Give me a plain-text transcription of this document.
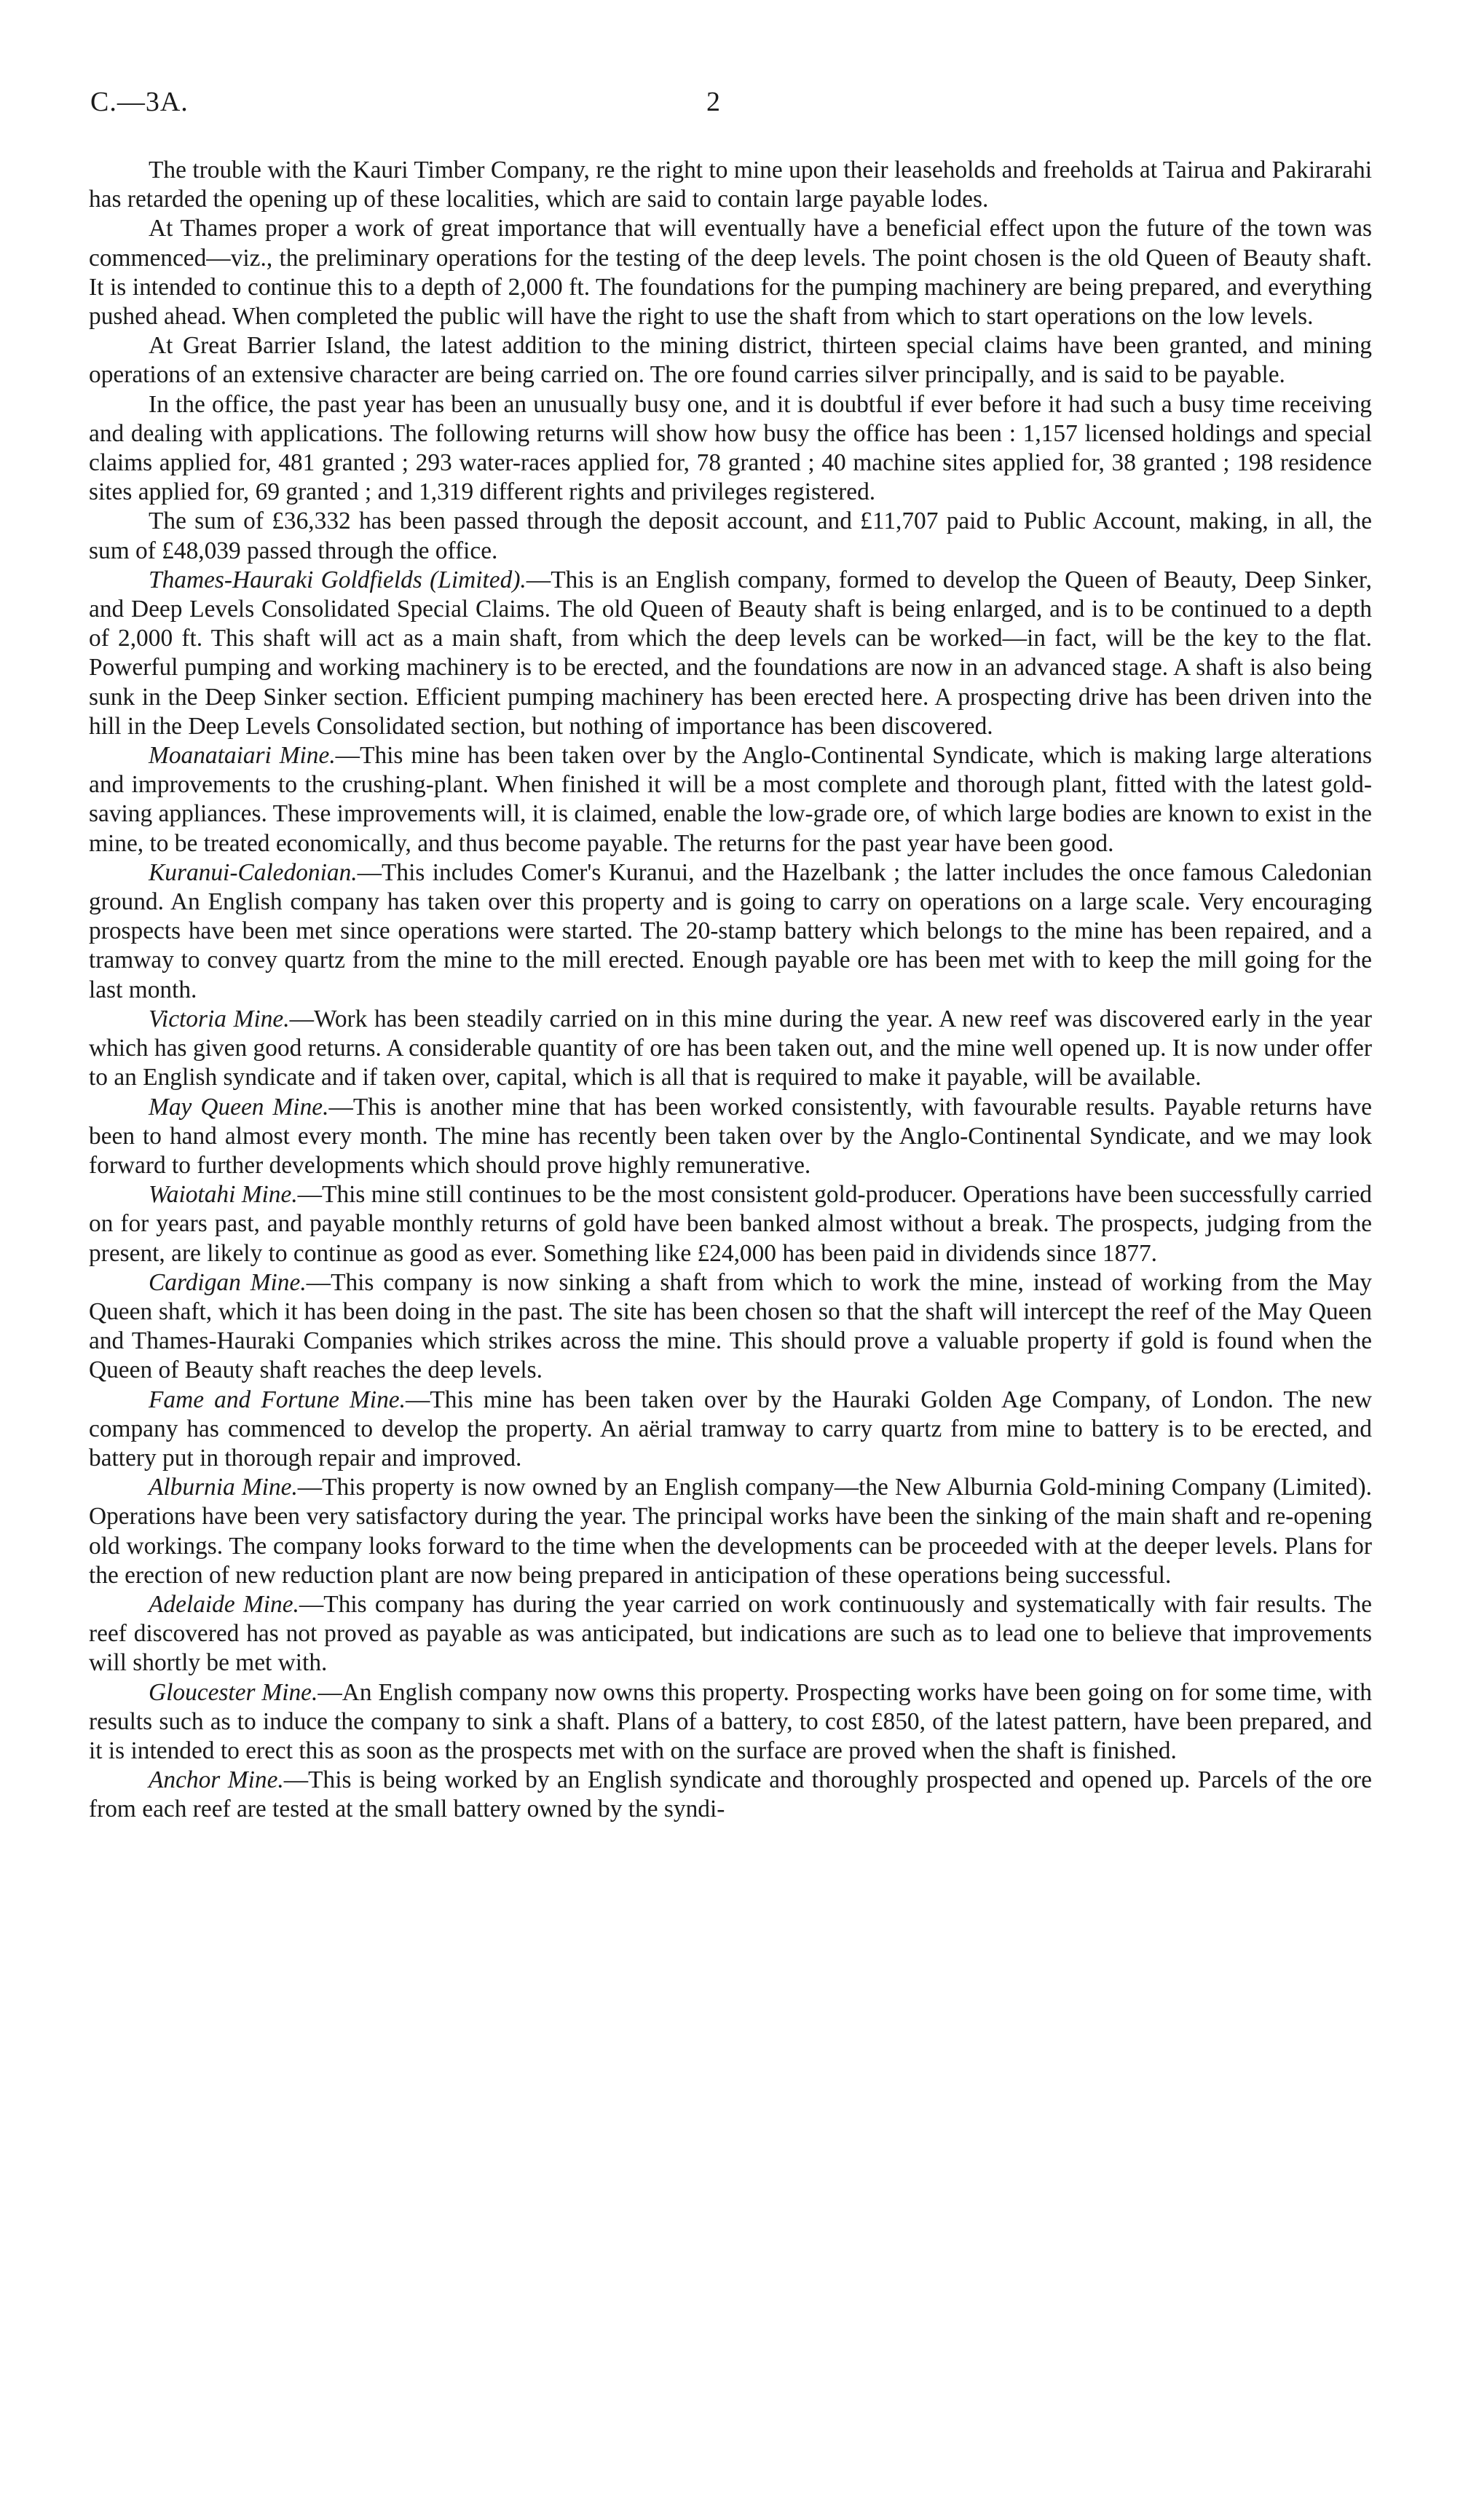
C.—3A.	2

The trouble with the Kauri Timber Company, re the right to mine upon their leaseholds and freeholds at Tairua and Pakirarahi has retarded the opening up of these localities, which are said to contain large payable lodes.

At Thames proper a work of great importance that will eventually have a beneficial effect upon the future of the town was commenced—viz., the preliminary operations for the testing of the deep levels. The point chosen is the old Queen of Beauty shaft. It is intended to continue this to a depth of 2,000 ft. The foundations for the pumping machinery are being prepared, and everything pushed ahead. When completed the public will have the right to use the shaft from which to start operations on the low levels.

At Great Barrier Island, the latest addition to the mining district, thirteen special claims have been granted, and mining operations of an extensive character are being carried on. The ore found carries silver principally, and is said to be payable.

In the office, the past year has been an unusually busy one, and it is doubtful if ever before it had such a busy time receiving and dealing with applications. The following returns will show how busy the office has been : 1,157 licensed holdings and special claims applied for, 481 granted ; 293 water-races applied for, 78 granted ; 40 machine sites applied for, 38 granted ; 198 residence sites applied for, 69 granted ; and 1,319 different rights and privileges registered.

The sum of £36,332 has been passed through the deposit account, and £11,707 paid to Public Account, making, in all, the sum of £48,039 passed through the office.

Thames-Hauraki Goldfields (Limited).—This is an English company, formed to develop the Queen of Beauty, Deep Sinker, and Deep Levels Consolidated Special Claims. The old Queen of Beauty shaft is being enlarged, and is to be continued to a depth of 2,000 ft. This shaft will act as a main shaft, from which the deep levels can be worked—in fact, will be the key to the flat. Powerful pumping and working machinery is to be erected, and the foundations are now in an advanced stage. A shaft is also being sunk in the Deep Sinker section. Efficient pumping machinery has been erected here. A prospecting drive has been driven into the hill in the Deep Levels Consolidated section, but nothing of importance has been discovered.

Moanataiari Mine.—This mine has been taken over by the Anglo-Continental Syndicate, which is making large alterations and improvements to the crushing-plant. When finished it will be a most complete and thorough plant, fitted with the latest gold-saving appliances. These improvements will, it is claimed, enable the low-grade ore, of which large bodies are known to exist in the mine, to be treated economically, and thus become payable. The returns for the past year have been good.

Kuranui-Caledonian.—This includes Comer's Kuranui, and the Hazelbank ; the latter includes the once famous Caledonian ground. An English company has taken over this property and is going to carry on operations on a large scale. Very encouraging prospects have been met since operations were started. The 20-stamp battery which belongs to the mine has been repaired, and a tramway to convey quartz from the mine to the mill erected. Enough payable ore has been met with to keep the mill going for the last month.

Victoria Mine.—Work has been steadily carried on in this mine during the year. A new reef was discovered early in the year which has given good returns. A considerable quantity of ore has been taken out, and the mine well opened up. It is now under offer to an English syndicate and if taken over, capital, which is all that is required to make it payable, will be available.

May Queen Mine.—This is another mine that has been worked consistently, with favourable results. Payable returns have been to hand almost every month. The mine has recently been taken over by the Anglo-Continental Syndicate, and we may look forward to further developments which should prove highly remunerative.

Waiotahi Mine.—This mine still continues to be the most consistent gold-producer. Operations have been successfully carried on for years past, and payable monthly returns of gold have been banked almost without a break. The prospects, judging from the present, are likely to continue as good as ever. Something like £24,000 has been paid in dividends since 1877.

Cardigan Mine.—This company is now sinking a shaft from which to work the mine, instead of working from the May Queen shaft, which it has been doing in the past. The site has been chosen so that the shaft will intercept the reef of the May Queen and Thames-Hauraki Companies which strikes across the mine. This should prove a valuable property if gold is found when the Queen of Beauty shaft reaches the deep levels.

Fame and Fortune Mine.—This mine has been taken over by the Hauraki Golden Age Company, of London. The new company has commenced to develop the property. An aërial tramway to carry quartz from mine to battery is to be erected, and battery put in thorough repair and improved.

Alburnia Mine.—This property is now owned by an English company—the New Alburnia Gold-mining Company (Limited). Operations have been very satisfactory during the year. The principal works have been the sinking of the main shaft and re-opening old workings. The company looks forward to the time when the developments can be proceeded with at the deeper levels. Plans for the erection of new reduction plant are now being prepared in anticipation of these operations being successful.

Adelaide Mine.—This company has during the year carried on work continuously and systematically with fair results. The reef discovered has not proved as payable as was anticipated, but indications are such as to lead one to believe that improvements will shortly be met with.

Gloucester Mine.—An English company now owns this property. Prospecting works have been going on for some time, with results such as to induce the company to sink a shaft. Plans of a battery, to cost £850, of the latest pattern, have been prepared, and it is intended to erect this as soon as the prospects met with on the surface are proved when the shaft is finished.

Anchor Mine.—This is being worked by an English syndicate and thoroughly prospected and opened up. Parcels of the ore from each reef are tested at the small battery owned by the syndi-
